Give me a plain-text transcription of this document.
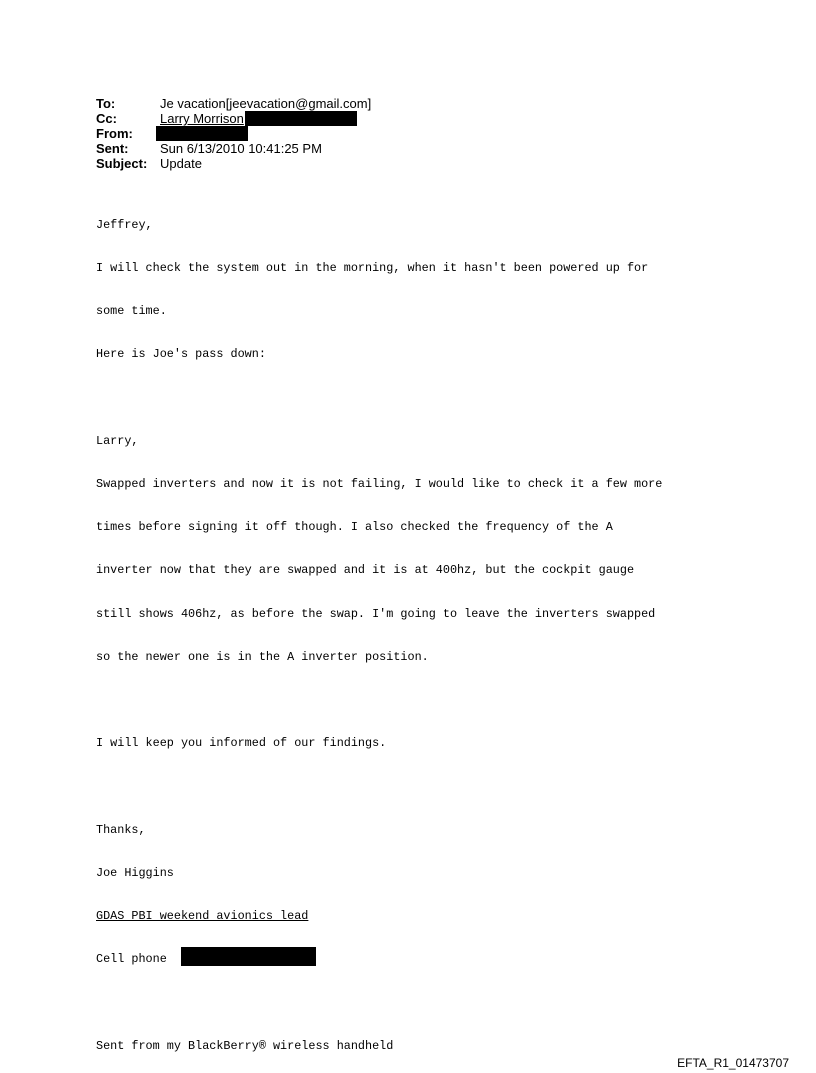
To:	Je vacation[jeevacation@gmail.com]
Cc:	Larry Morrison
From:
Sent:	Sun 6/13/2010 10:41:25 PM
Subject: Update

Jeffrey,

I will check the system out in the morning, when it hasn't been powered up for

some time.

Here is Joe's pass down:

Larry,

Swapped inverters and now it is not failing, I would like to check it a few more

times before signing it off though. I also checked the frequency of the A

inverter now that they are swapped and it is at 400hz, but the cockpit gauge

still shows 406hz, as before the swap. I'm going to leave the inverters swapped

so the newer one is in the A inverter position.

I will keep you informed of our findings.

Thanks,

Joe Higgins

GDAS PBI weekend avionics lead

Cell phone

Sent from my BlackBerry® wireless handheld

EFTA_R1_01473707
